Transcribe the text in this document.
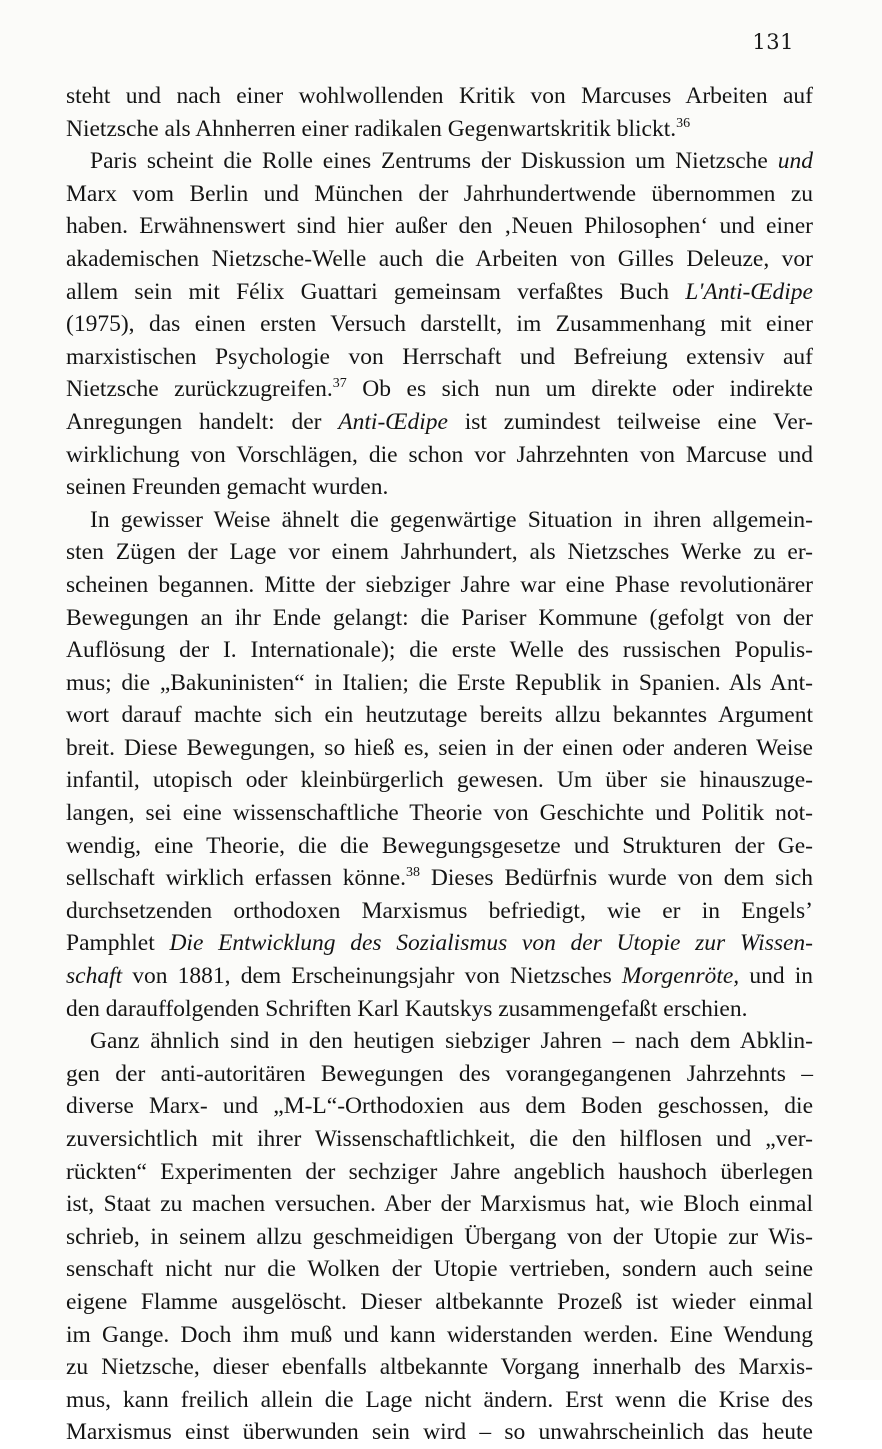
131
steht und nach einer wohlwollenden Kritik von Marcuses Arbeiten auf
Nietzsche als Ahnherren einer radikalen Gegenwartskritik blickt.$^{36}$
Paris scheint die Rolle eines Zentrums der Diskussion um Nietzsche und
Marx vom Berlin und München der Jahrhundertwende übernommen zu
haben. Erwähnenswert sind hier außer den ‚Neuen Philosophen‘ und einer
akademischen Nietzsche-Welle auch die Arbeiten von Gilles Deleuze, vor
allem sein mit Félix Guattari gemeinsam verfaßtes Buch L'Anti-Œdipe
(1975), das einen ersten Versuch darstellt, im Zusammenhang mit einer
marxistischen Psychologie von Herrschaft und Befreiung extensiv auf
Nietzsche zurückzugreifen.$^{37}$ Ob es sich nun um direkte oder indirekte
Anregungen handelt: der Anti-Œdipe ist zumindest teilweise eine Ver-
wirklichung von Vorschlägen, die schon vor Jahrzehnten von Marcuse und
seinen Freunden gemacht wurden.
In gewisser Weise ähnelt die gegenwärtige Situation in ihren allgemein-
sten Zügen der Lage vor einem Jahrhundert, als Nietzsches Werke zu er-
scheinen begannen. Mitte der siebziger Jahre war eine Phase revolutionärer
Bewegungen an ihr Ende gelangt: die Pariser Kommune (gefolgt von der
Auflösung der I. Internationale); die erste Welle des russischen Populis-
mus; die „Bakuninisten“ in Italien; die Erste Republik in Spanien. Als Ant-
wort darauf machte sich ein heutzutage bereits allzu bekanntes Argument
breit. Diese Bewegungen, so hieß es, seien in der einen oder anderen Weise
infantil, utopisch oder kleinbürgerlich gewesen. Um über sie hinauszuge-
langen, sei eine wissenschaftliche Theorie von Geschichte und Politik not-
wendig, eine Theorie, die die Bewegungsgesetze und Strukturen der Ge-
sellschaft wirklich erfassen könne.$^{38}$ Dieses Bedürfnis wurde von dem sich
durchsetzenden orthodoxen Marxismus befriedigt, wie er in Engels’
Pamphlet Die Entwicklung des Sozialismus von der Utopie zur Wissen-
schaft von 1881, dem Erscheinungsjahr von Nietzsches Morgenröte, und in
den darauffolgenden Schriften Karl Kautskys zusammengefaßt erschien.
Ganz ähnlich sind in den heutigen siebziger Jahren – nach dem Abklin-
gen der anti-autoritären Bewegungen des vorangegangenen Jahrzehnts –
diverse Marx- und „M-L“-Orthodoxien aus dem Boden geschossen, die
zuversichtlich mit ihrer Wissenschaftlichkeit, die den hilflosen und „ver-
rückten“ Experimenten der sechziger Jahre angeblich haushoch überlegen
ist, Staat zu machen versuchen. Aber der Marxismus hat, wie Bloch einmal
schrieb, in seinem allzu geschmeidigen Übergang von der Utopie zur Wis-
senschaft nicht nur die Wolken der Utopie vertrieben, sondern auch seine
eigene Flamme ausgelöscht. Dieser altbekannte Prozeß ist wieder einmal
im Gange. Doch ihm muß und kann widerstanden werden. Eine Wendung
zu Nietzsche, dieser ebenfalls altbekannte Vorgang innerhalb des Marxis-
mus, kann freilich allein die Lage nicht ändern. Erst wenn die Krise des
Marxismus einst überwunden sein wird – so unwahrscheinlich das heute
